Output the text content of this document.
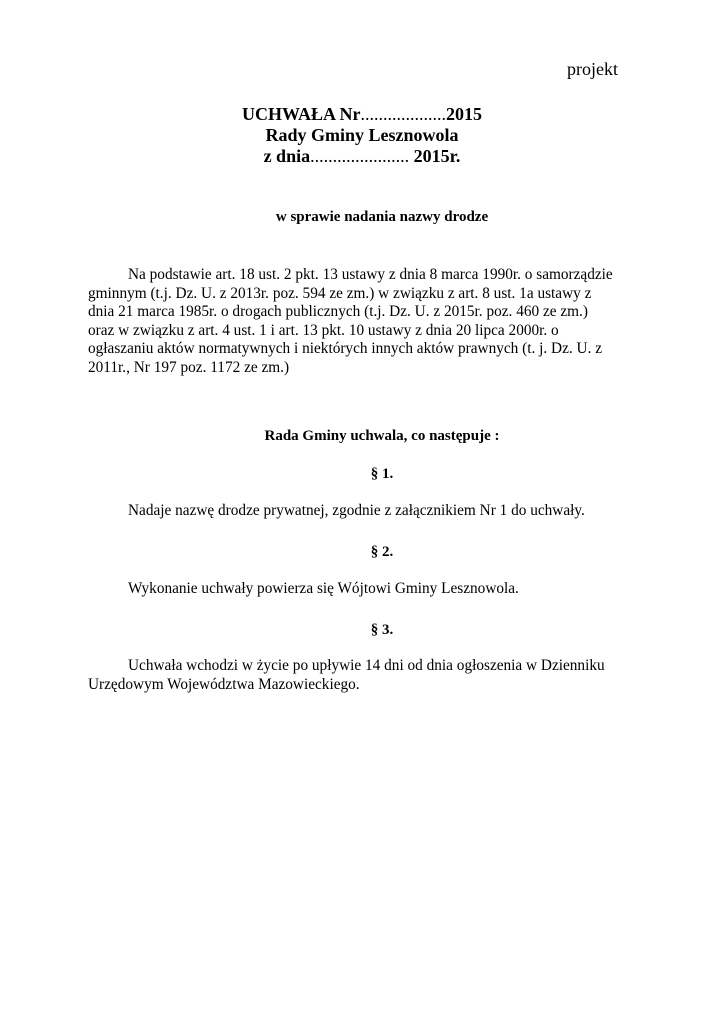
projekt
UCHWAŁA Nr...................2015
Rady Gminy Lesznowola
z dnia...................... 2015r.
w sprawie nadania nazwy drodze
Na podstawie art. 18 ust. 2 pkt. 13 ustawy z dnia 8 marca 1990r. o samorządzie
gminnym (t.j. Dz. U. z 2013r. poz. 594 ze zm.) w związku z art. 8 ust. 1a ustawy z
dnia 21 marca 1985r. o drogach publicznych (t.j. Dz. U. z 2015r. poz. 460 ze zm.)
oraz w związku z art. 4 ust. 1 i art. 13 pkt. 10 ustawy z dnia 20 lipca 2000r. o
ogłaszaniu aktów normatywnych i niektórych innych aktów prawnych (t. j. Dz. U. z
2011r., Nr 197 poz. 1172 ze zm.)
Rada Gminy uchwala, co następuje :
§ 1.
Nadaje nazwę drodze prywatnej, zgodnie z załącznikiem Nr 1 do uchwały.
§ 2.
Wykonanie uchwały powierza się Wójtowi Gminy Lesznowola.
§ 3.
Uchwała wchodzi w życie po upływie 14 dni od dnia ogłoszenia w Dzienniku
Urzędowym Województwa Mazowieckiego.
